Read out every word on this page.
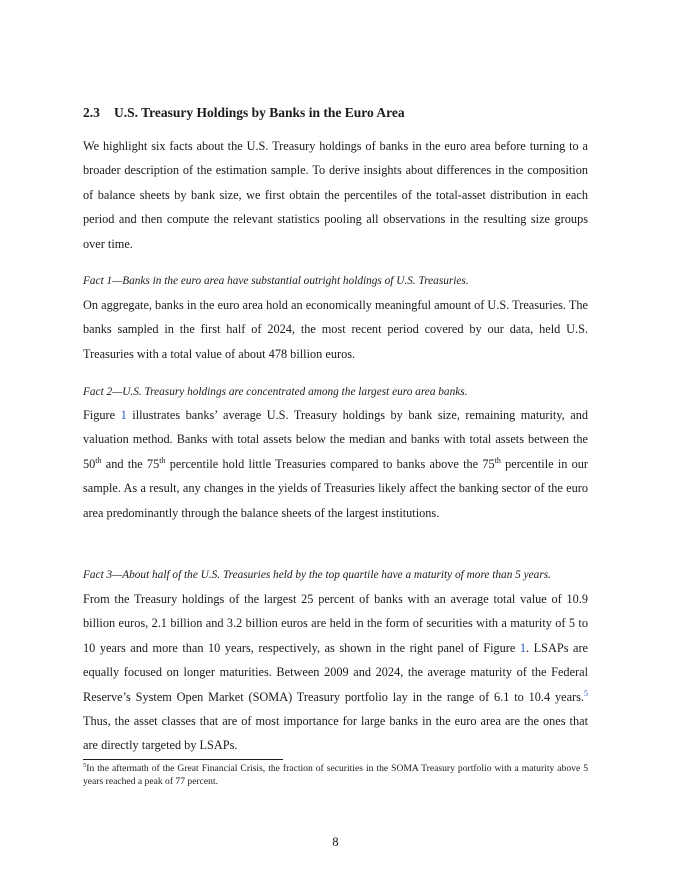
2.3 U.S. Treasury Holdings by Banks in the Euro Area

We highlight six facts about the U.S. Treasury holdings of banks in the euro area before turning to a broader description of the estimation sample. To derive insights about differences in the composition of balance sheets by bank size, we first obtain the percentiles of the total-asset distribution in each period and then compute the relevant statistics pooling all observations in the resulting size groups over time.

Fact 1—Banks in the euro area have substantial outright holdings of U.S. Treasuries.

On aggregate, banks in the euro area hold an economically meaningful amount of U.S. Treasuries. The banks sampled in the first half of 2024, the most recent period covered by our data, held U.S. Treasuries with a total value of about 478 billion euros.

Fact 2—U.S. Treasury holdings are concentrated among the largest euro area banks.

Figure 1 illustrates banks’ average U.S. Treasury holdings by bank size, remaining maturity, and valuation method. Banks with total assets below the median and banks with total assets between the 50th and the 75th percentile hold little Treasuries compared to banks above the 75th percentile in our sample. As a result, any changes in the yields of Treasuries likely affect the banking sector of the euro area predominantly through the balance sheets of the largest institutions.

Fact 3—About half of the U.S. Treasuries held by the top quartile have a maturity of more than 5 years.

From the Treasury holdings of the largest 25 percent of banks with an average total value of 10.9 billion euros, 2.1 billion and 3.2 billion euros are held in the form of securities with a maturity of 5 to 10 years and more than 10 years, respectively, as shown in the right panel of Figure 1. LSAPs are equally focused on longer maturities. Between 2009 and 2024, the average maturity of the Federal Reserve’s System Open Market (SOMA) Treasury portfolio lay in the range of 6.1 to 10.4 years.$^5$ Thus, the asset classes that are of most importance for large banks in the euro area are the ones that are directly targeted by LSAPs.

$^5$In the aftermath of the Great Financial Crisis, the fraction of securities in the SOMA Treasury portfolio with a maturity above 5 years reached a peak of 77 percent.

8
